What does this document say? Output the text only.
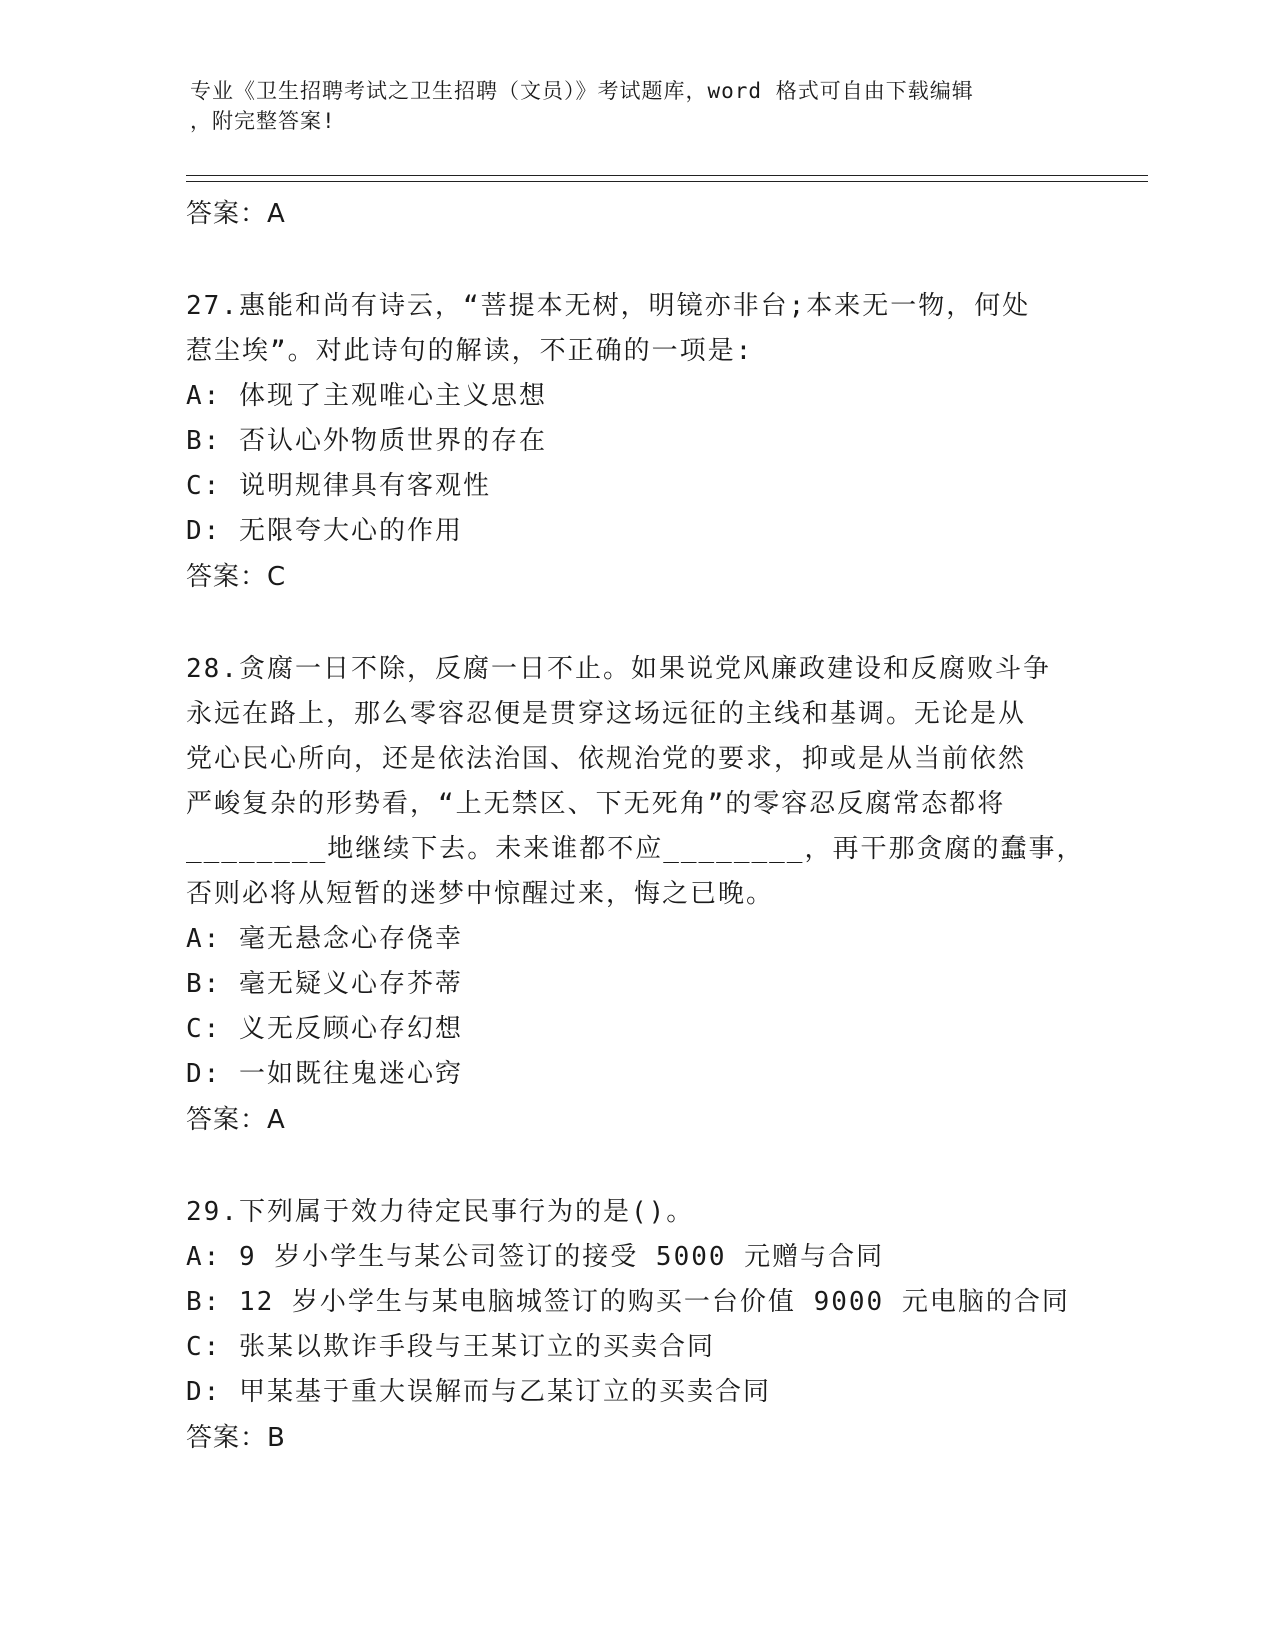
专业《卫生招聘考试之卫生招聘（文员）》考试题库，word 格式可自由下载编辑
，附完整答案!
答案：A
27.惠能和尚有诗云，“菩提本无树，明镜亦非台;本来无一物，何处
惹尘埃”。对此诗句的解读，不正确的一项是:
A: 体现了主观唯心主义思想
B: 否认心外物质世界的存在
C: 说明规律具有客观性
D: 无限夸大心的作用
答案：C
28.贪腐一日不除，反腐一日不止。如果说党风廉政建设和反腐败斗争
永远在路上，那么零容忍便是贯穿这场远征的主线和基调。无论是从
党心民心所向，还是依法治国、依规治党的要求，抑或是从当前依然
严峻复杂的形势看，“上无禁区、下无死角”的零容忍反腐常态都将
________地继续下去。未来谁都不应________，再干那贪腐的蠢事，
否则必将从短暂的迷梦中惊醒过来，悔之已晚。
A: 毫无悬念心存侥幸
B: 毫无疑义心存芥蒂
C: 义无反顾心存幻想
D: 一如既往鬼迷心窍
答案：A
29.下列属于效力待定民事行为的是()。
A: 9 岁小学生与某公司签订的接受 5000 元赠与合同
B: 12 岁小学生与某电脑城签订的购买一台价值 9000 元电脑的合同
C: 张某以欺诈手段与王某订立的买卖合同
D: 甲某基于重大误解而与乙某订立的买卖合同
答案：B
